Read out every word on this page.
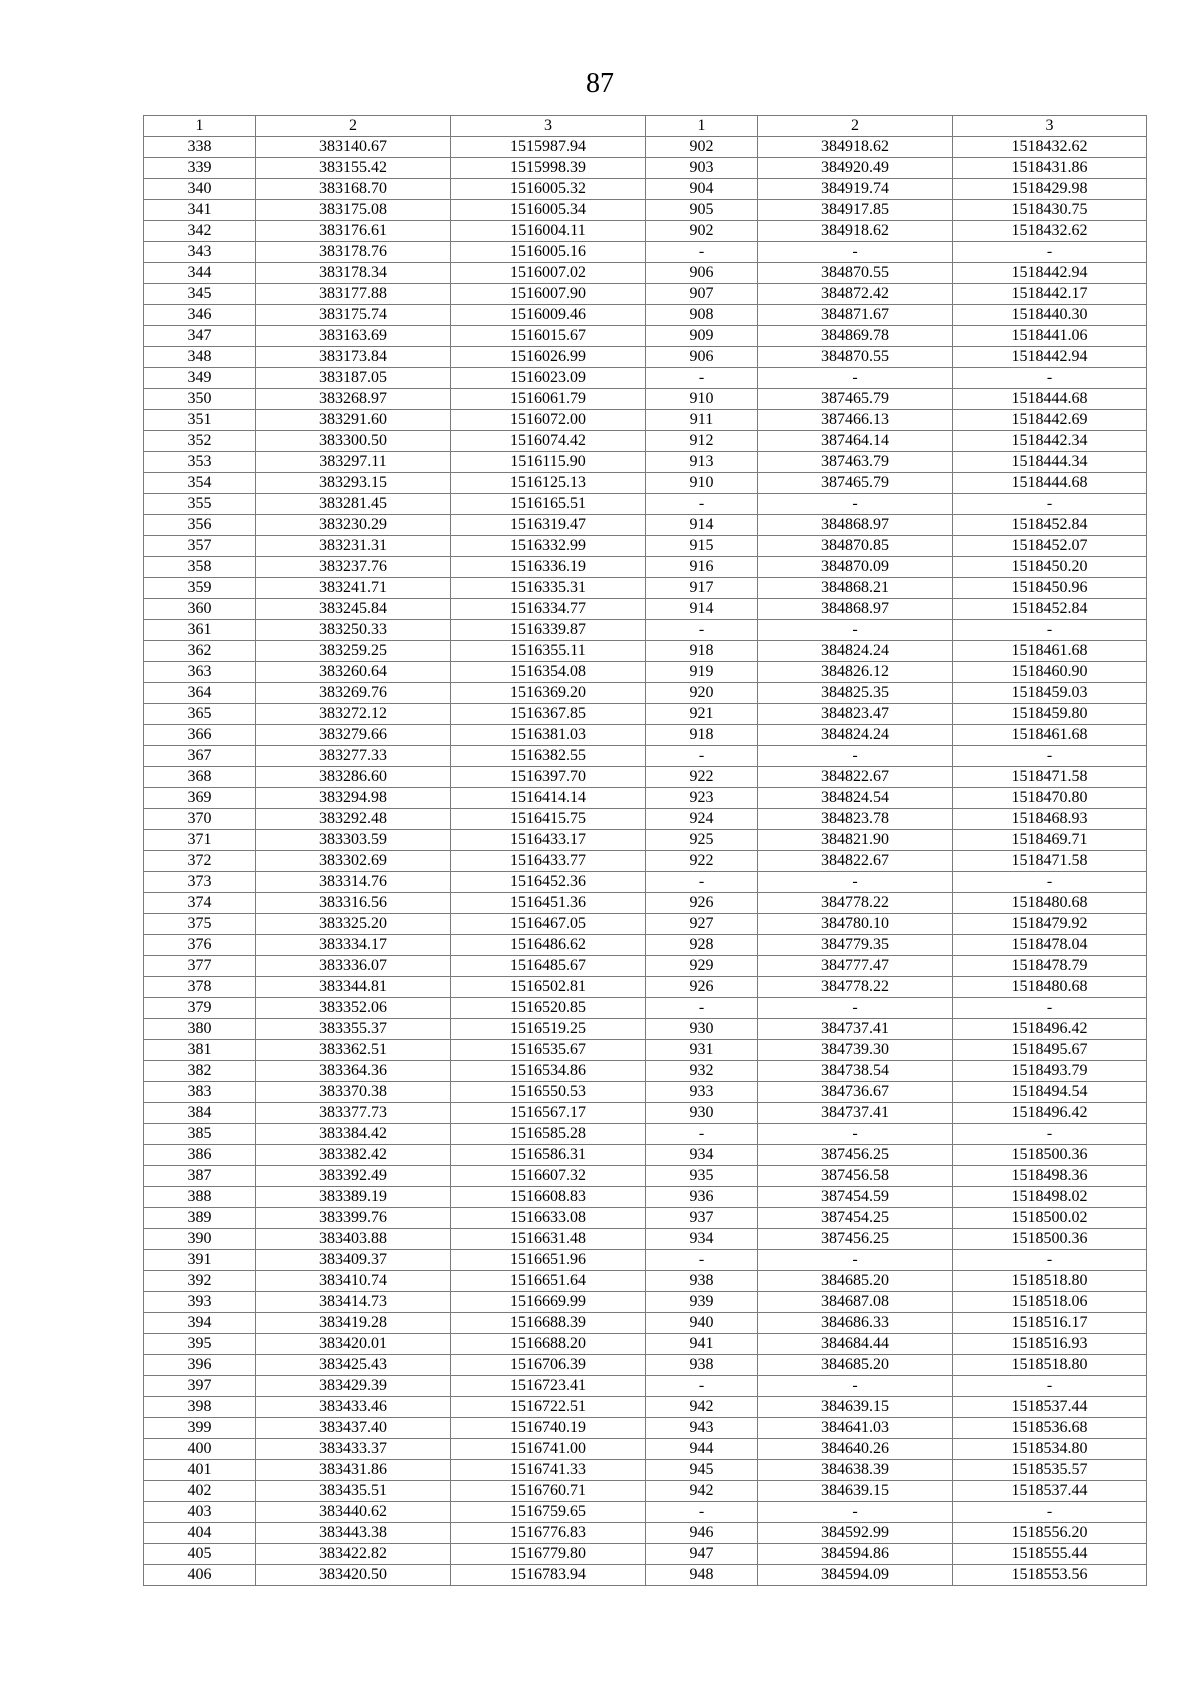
87
1	2	3	1	2	3
338	383140.67	1515987.94	902	384918.62	1518432.62
339	383155.42	1515998.39	903	384920.49	1518431.86
340	383168.70	1516005.32	904	384919.74	1518429.98
341	383175.08	1516005.34	905	384917.85	1518430.75
342	383176.61	1516004.11	902	384918.62	1518432.62
343	383178.76	1516005.16	-	-	-
344	383178.34	1516007.02	906	384870.55	1518442.94
345	383177.88	1516007.90	907	384872.42	1518442.17
346	383175.74	1516009.46	908	384871.67	1518440.30
347	383163.69	1516015.67	909	384869.78	1518441.06
348	383173.84	1516026.99	906	384870.55	1518442.94
349	383187.05	1516023.09	-	-	-
350	383268.97	1516061.79	910	387465.79	1518444.68
351	383291.60	1516072.00	911	387466.13	1518442.69
352	383300.50	1516074.42	912	387464.14	1518442.34
353	383297.11	1516115.90	913	387463.79	1518444.34
354	383293.15	1516125.13	910	387465.79	1518444.68
355	383281.45	1516165.51	-	-	-
356	383230.29	1516319.47	914	384868.97	1518452.84
357	383231.31	1516332.99	915	384870.85	1518452.07
358	383237.76	1516336.19	916	384870.09	1518450.20
359	383241.71	1516335.31	917	384868.21	1518450.96
360	383245.84	1516334.77	914	384868.97	1518452.84
361	383250.33	1516339.87	-	-	-
362	383259.25	1516355.11	918	384824.24	1518461.68
363	383260.64	1516354.08	919	384826.12	1518460.90
364	383269.76	1516369.20	920	384825.35	1518459.03
365	383272.12	1516367.85	921	384823.47	1518459.80
366	383279.66	1516381.03	918	384824.24	1518461.68
367	383277.33	1516382.55	-	-	-
368	383286.60	1516397.70	922	384822.67	1518471.58
369	383294.98	1516414.14	923	384824.54	1518470.80
370	383292.48	1516415.75	924	384823.78	1518468.93
371	383303.59	1516433.17	925	384821.90	1518469.71
372	383302.69	1516433.77	922	384822.67	1518471.58
373	383314.76	1516452.36	-	-	-
374	383316.56	1516451.36	926	384778.22	1518480.68
375	383325.20	1516467.05	927	384780.10	1518479.92
376	383334.17	1516486.62	928	384779.35	1518478.04
377	383336.07	1516485.67	929	384777.47	1518478.79
378	383344.81	1516502.81	926	384778.22	1518480.68
379	383352.06	1516520.85	-	-	-
380	383355.37	1516519.25	930	384737.41	1518496.42
381	383362.51	1516535.67	931	384739.30	1518495.67
382	383364.36	1516534.86	932	384738.54	1518493.79
383	383370.38	1516550.53	933	384736.67	1518494.54
384	383377.73	1516567.17	930	384737.41	1518496.42
385	383384.42	1516585.28	-	-	-
386	383382.42	1516586.31	934	387456.25	1518500.36
387	383392.49	1516607.32	935	387456.58	1518498.36
388	383389.19	1516608.83	936	387454.59	1518498.02
389	383399.76	1516633.08	937	387454.25	1518500.02
390	383403.88	1516631.48	934	387456.25	1518500.36
391	383409.37	1516651.96	-	-	-
392	383410.74	1516651.64	938	384685.20	1518518.80
393	383414.73	1516669.99	939	384687.08	1518518.06
394	383419.28	1516688.39	940	384686.33	1518516.17
395	383420.01	1516688.20	941	384684.44	1518516.93
396	383425.43	1516706.39	938	384685.20	1518518.80
397	383429.39	1516723.41	-	-	-
398	383433.46	1516722.51	942	384639.15	1518537.44
399	383437.40	1516740.19	943	384641.03	1518536.68
400	383433.37	1516741.00	944	384640.26	1518534.80
401	383431.86	1516741.33	945	384638.39	1518535.57
402	383435.51	1516760.71	942	384639.15	1518537.44
403	383440.62	1516759.65	-	-	-
404	383443.38	1516776.83	946	384592.99	1518556.20
405	383422.82	1516779.80	947	384594.86	1518555.44
406	383420.50	1516783.94	948	384594.09	1518553.56
